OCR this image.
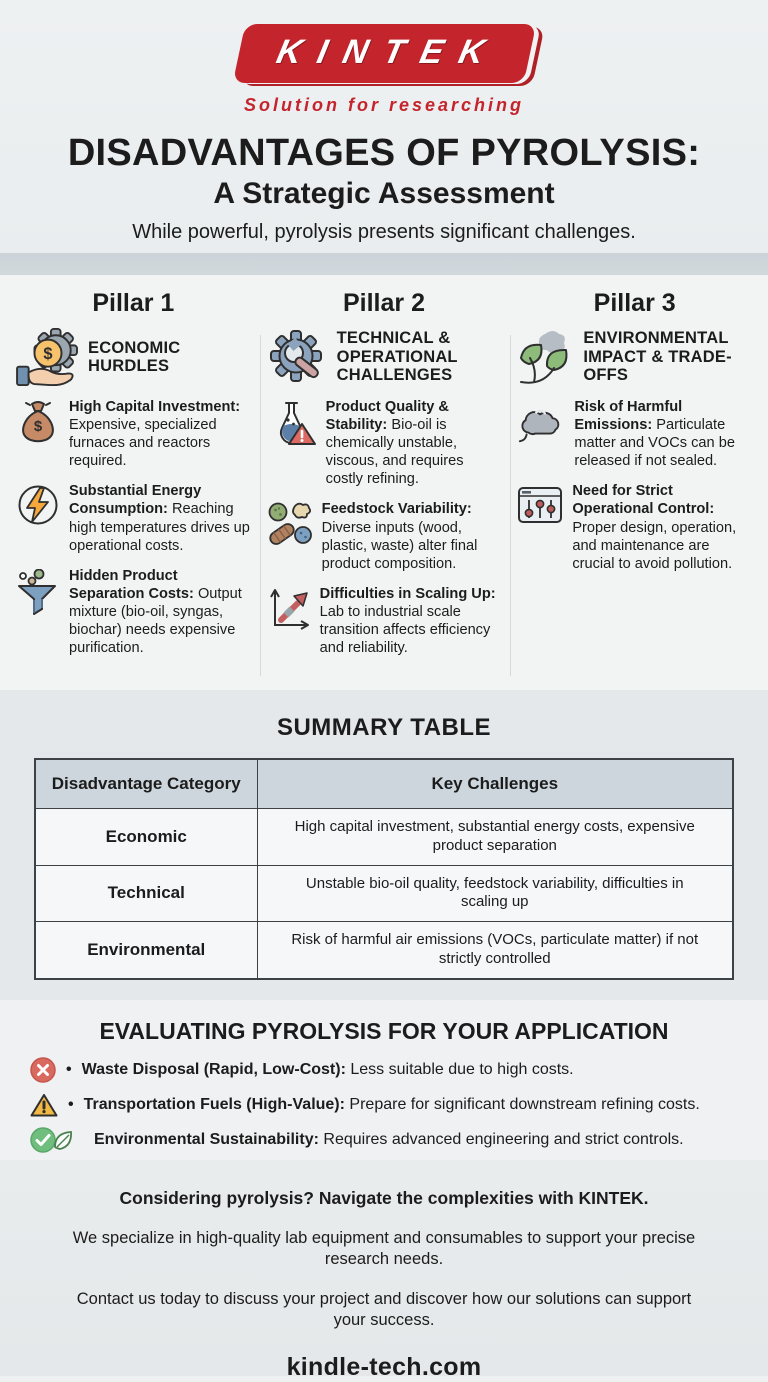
KINTEK
Solution for researching
DISADVANTAGES OF PYROLYSIS:
A Strategic Assessment

While powerful, pyrolysis presents significant challenges.

Pillar 1
$ ECONOMIC HURDLES
$

High Capital Investment: Expensive, specialized furnaces and reactors required.

Substantial Energy Consumption: Reaching high temperatures drives up operational costs.

Hidden Product Separation Costs: Output mixture (bio-oil, syngas, biochar) needs expensive purification.

Pillar 2
TECHNICAL & OPERATIONAL CHALLENGES

Product Quality & Stability: Bio-oil is chemically unstable, viscous, and requires costly refining.

Feedstock Variability: Diverse inputs (wood, plastic, waste) alter final product composition.

Difficulties in Scaling Up: Lab to industrial scale transition affects efficiency and reliability.

Pillar 3
ENVIRONMENTAL IMPACT & TRADE-OFFS

Risk of Harmful Emissions: Particulate matter and VOCs can be released if not sealed.

Need for Strict Operational Control: Proper design, operation, and maintenance are crucial to avoid pollution.

SUMMARY TABLE
Disadvantage Category	Key Challenges
Economic	High capital investment, substantial energy costs, expensive product separation
Technical	Unstable bio-oil quality, feedstock variability, difficulties in scaling up
Environmental	Risk of harmful air emissions (VOCs, particulate matter) if not strictly controlled
EVALUATING PYROLYSIS FOR YOUR APPLICATION
• Waste Disposal (Rapid, Low-Cost): Less suitable due to high costs.

• Transportation Fuels (High-Value): Prepare for significant downstream refining costs.

Environmental Sustainability: Requires advanced engineering and strict controls.

Considering pyrolysis? Navigate the complexities with KINTEK.

We specialize in high-quality lab equipment and consumables to support your precise research needs.

Contact us today to discuss your project and discover how our solutions can support your success.

kindle-tech.com
